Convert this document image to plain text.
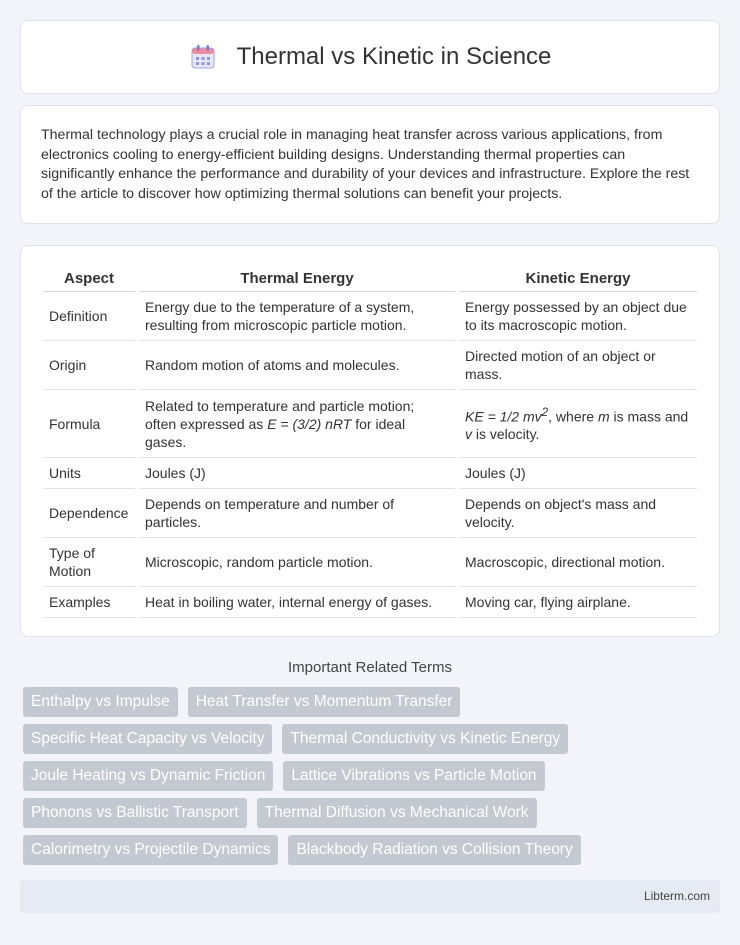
Thermal vs Kinetic in Science

Thermal technology plays a crucial role in managing heat transfer across various applications, from electronics cooling to energy-efficient building designs. Understanding thermal properties can significantly enhance the performance and durability of your devices and infrastructure. Explore the rest of the article to discover how optimizing thermal solutions can benefit your projects.

Aspect	Thermal Energy	Kinetic Energy
Definition	Energy due to the temperature of a system, resulting from microscopic particle motion.	Energy possessed by an object due to its macroscopic motion.
Origin	Random motion of atoms and molecules.	Directed motion of an object or mass.
Formula	Related to temperature and particle motion; often expressed as E = (3/2) nRT for ideal gases.	KE = 1/2 $mv^2$, where m is mass and v is velocity.
Units	Joules (J)	Joules (J)
Dependence	Depends on temperature and number of particles.	Depends on object's mass and velocity.
Type of Motion	Microscopic, random particle motion.	Macroscopic, directional motion.
Examples	Heat in boiling water, internal energy of gases.	Moving car, flying airplane.
Important Related Terms
Enthalpy vs Impulse	Heat Transfer vs Momentum Transfer
Specific Heat Capacity vs Velocity	Thermal Conductivity vs Kinetic Energy
Joule Heating vs Dynamic Friction	Lattice Vibrations vs Particle Motion
Phonons vs Ballistic Transport	Thermal Diffusion vs Mechanical Work
Calorimetry vs Projectile Dynamics	Blackbody Radiation vs Collision Theory
Libterm.com
